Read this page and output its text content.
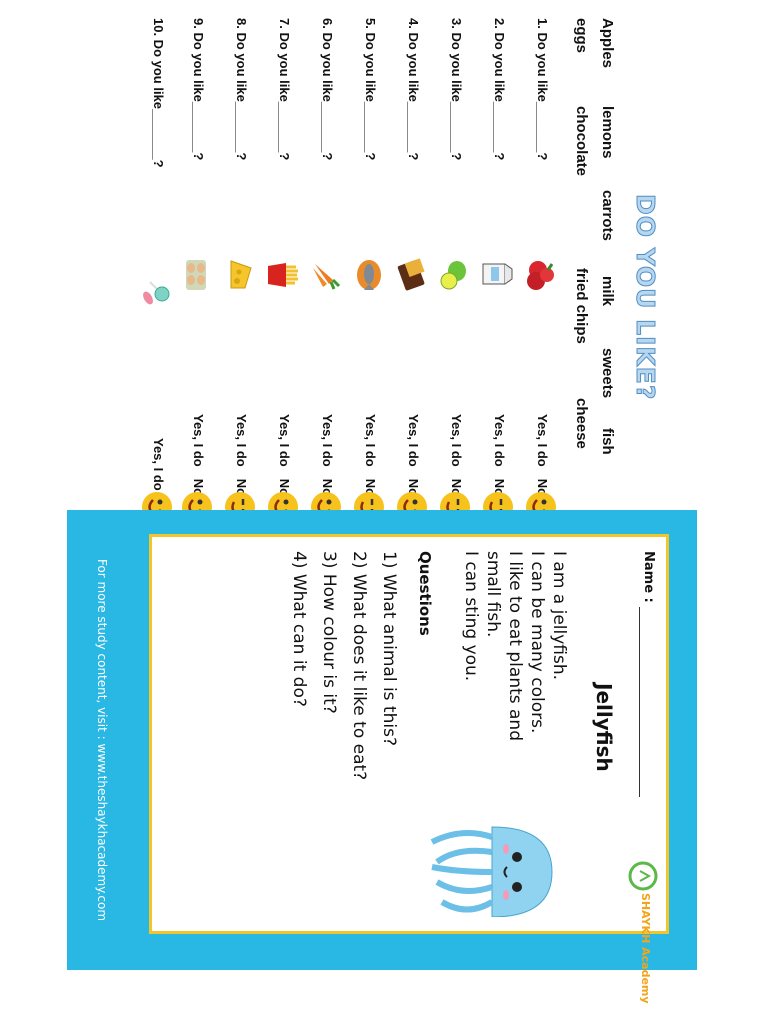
DO YOU LIKE?
Apples
lemons
carrots
milk
sweets
fish
eggs
chocolate
fried chips
cheese
1. Do you like_______?
Yes, I do
2. Do you like_______?
Yes, I do
3. Do you like_______?
Yes, I do
4. Do you like_______?
Yes, I do
5. Do you like_______?
Yes, I do
6. Do you like_______?
Yes, I do
7. Do you like_______?
Yes, I do
8. Do you like_______?
Yes, I do
9. Do you like_______?
Yes, I do
10. Do you like_______?
Yes, I do
Name :
Jellyfish
SHAYKH Academy
I am a jellyfish.
I can be many colors.
I like to eat plants and
small fish.
I can sting you.
Questions
1) What animal is this?
2) What does it like to eat?
3) How colour is it?
4) What can it do?
For more study content, visit : www.theshaykhacademy.com
